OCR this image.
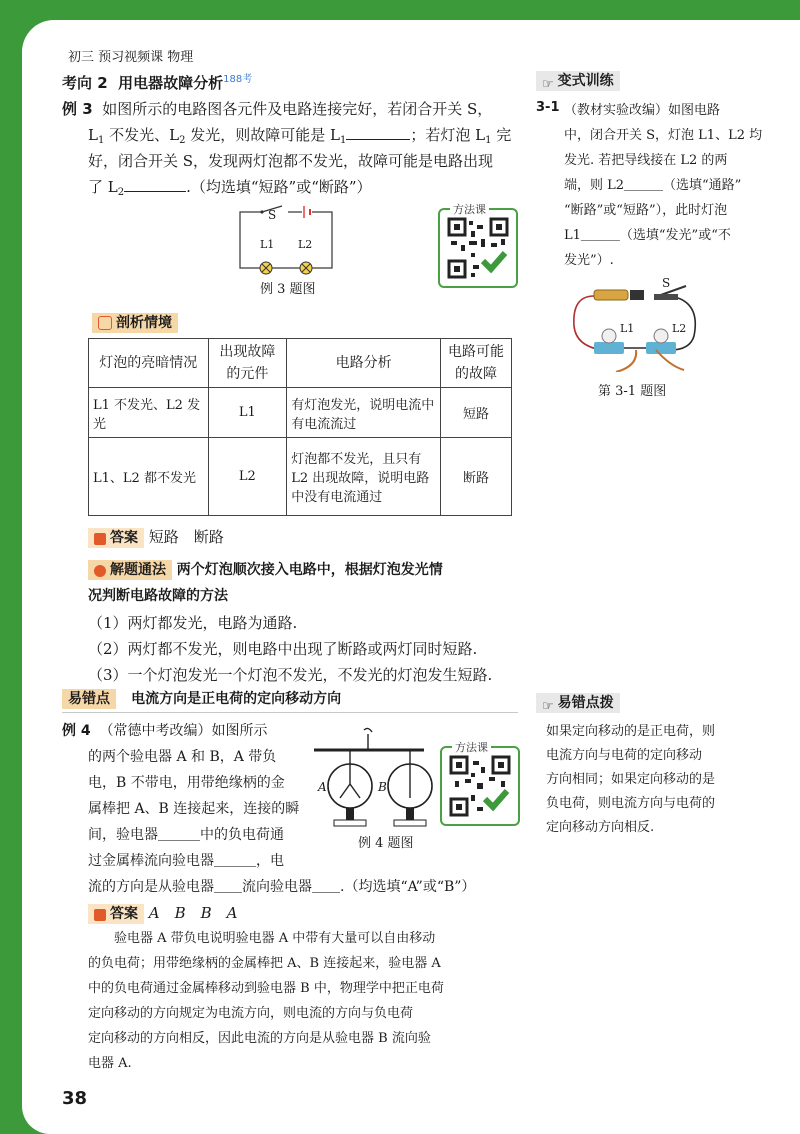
初三 预习视频课 物理
考向 2 用电器故障分析$^{188考}$
例 3 如图所示的电路图各元件及电路连接完好，若闭合开关 S，
$L_1$ 不发光、$L_2$ 发光，则故障可能是 $L_1$	；若灯泡 $L_1$ 完
好，闭合开关 S，发现两灯泡都不发光，故障可能是电路出现
了 $L_2$	.（均选填“短路”或“断路”）
S
L1 L2
例 3 题图
方法课
剖析情境
灯泡的亮暗情况	出现故障的元件	电路分析	电路可能的故障
L1 不发光、L2 发光	L1	有灯泡发光，说明电流中有电流流过	短路
L1、L2 都不发光	L2	灯泡都不发光，且只有 L2 出现故障，说明电路中没有电流通过	断路
答案 短路　断路
解题通法 两个灯泡顺次接入电路中，根据灯泡发光情
况判断电路故障的方法
（1）两灯都发光，电路为通路.
（2）两灯都不发光，则电路中出现了断路或两灯同时短路.
（3）一个灯泡发光一个灯泡不发光，不发光的灯泡发生短路.
☞ 变式训练
3-1 （教材实验改编）如图电路
中，闭合开关 S，灯泡 L1、L2 均
发光. 若把导线接在 L2 的两
端，则 L2＿＿＿（选填“通路”
“断路”或“短路”），此时灯泡
L1＿＿＿（选填“发光”或“不
发光”）.
S
L1	L2
第 3-1 题图
易错点 电流方向是正电荷的定向移动方向
例 4 （常德中考改编）如图所示
的两个验电器 A 和 B，A 带负
电，B 不带电，用带绝缘柄的金
属棒把 A、B 连接起来，连接的瞬
间，验电器＿＿＿中的负电荷通
过金属棒流向验电器＿＿＿，电
流的方向是从验电器＿＿流向验电器＿＿.（均选填“A”或“B”）
A	B
例 4 题图
方法课
答案 A　B　B　A
验电器 A 带负电说明验电器 A 中带有大量可以自由移动
的负电荷；用带绝缘柄的金属棒把 A、B 连接起来，验电器 A
中的负电荷通过金属棒移动到验电器 B 中，物理学中把正电荷
定向移动的方向规定为电流方向，则电流的方向与负电荷
定向移动的方向相反，因此电流的方向是从验电器 B 流向验
电器 A.
☞ 易错点拨
如果定向移动的是正电荷，则
电流方向与电荷的定向移动
方向相同；如果定向移动的是
负电荷，则电流方向与电荷的
定向移动方向相反.
38
